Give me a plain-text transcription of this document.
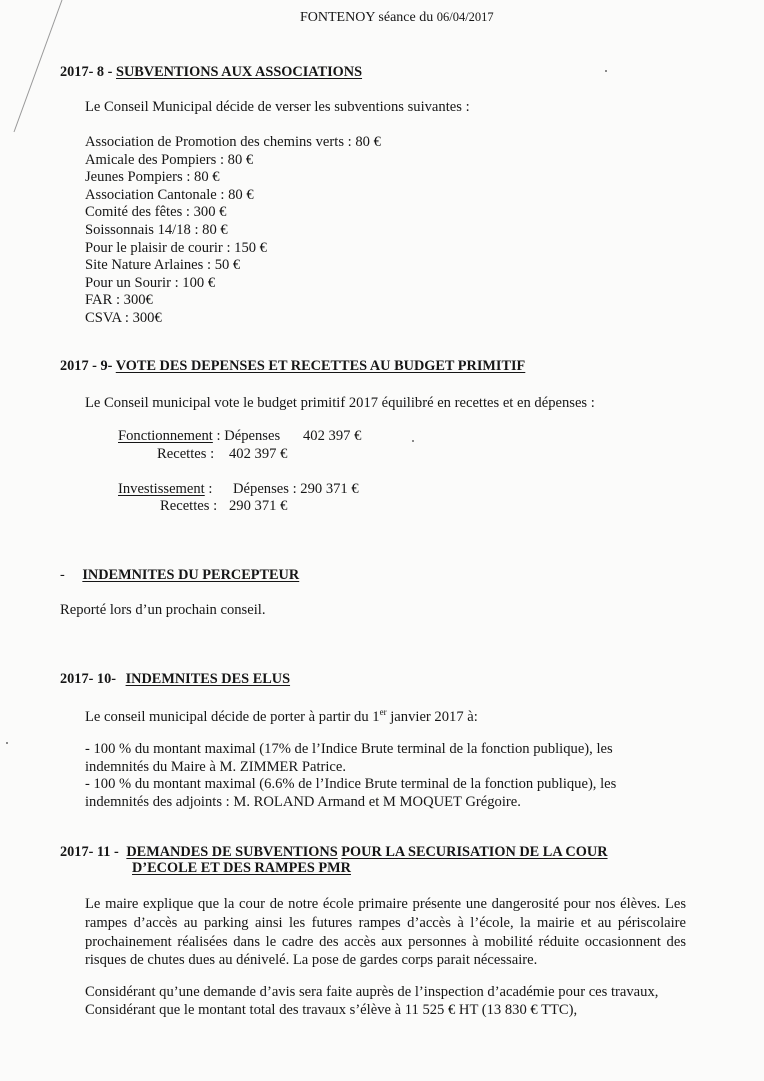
FONTENOY séance du 06/04/2017
2017- 8 - SUBVENTIONS AUX ASSOCIATIONS
Le Conseil Municipal décide de verser les subventions suivantes :
Association de Promotion des chemins verts : 80 €
Amicale des Pompiers : 80 €
Jeunes Pompiers : 80 €
Association Cantonale : 80 €
Comité des fêtes : 300 €
Soissonnais 14/18 : 80 €
Pour le plaisir de courir : 150 €
Site Nature Arlaines : 50 €
Pour un Sourir : 100 €
FAR : 300€
CSVA : 300€
2017 - 9- VOTE DES DEPENSES ET RECETTES AU BUDGET PRIMITIF
Le Conseil municipal vote le budget primitif 2017 équilibré en recettes et en dépenses :
Fonctionnement : Dépenses 402 397 €
Recettes : 402 397 €
Investissement : Dépenses : 290 371 €
Recettes : 290 371 €
- INDEMNITES DU PERCEPTEUR
Reporté lors d’un prochain conseil.
2017- 10- INDEMNITES DES ELUS
Le conseil municipal décide de porter à partir du 1er janvier 2017 à:
- 100 % du montant maximal (17% de l’Indice Brute terminal de la fonction publique), les
indemnités du Maire à M. ZIMMER Patrice.
- 100 % du montant maximal (6.6% de l’Indice Brute terminal de la fonction publique), les
indemnités des adjoints : M. ROLAND Armand et M MOQUET Grégoire.
2017- 11 - DEMANDES DE SUBVENTIONS POUR LA SECURISATION DE LA COUR
D’ECOLE ET DES RAMPES PMR
Le maire explique que la cour de notre école primaire présente une dangerosité pour nos élèves. Les rampes d’accès au parking ainsi les futures rampes d’accès à l’école, la mairie et au périscolaire prochainement réalisées dans le cadre des accès aux personnes à mobilité réduite occasionnent des risques de chutes dues au dénivelé. La pose de gardes corps parait nécessaire.
Considérant qu’une demande d’avis sera faite auprès de l’inspection d’académie pour ces travaux,
Considérant que le montant total des travaux s’élève à 11 525 € HT (13 830 € TTC),
